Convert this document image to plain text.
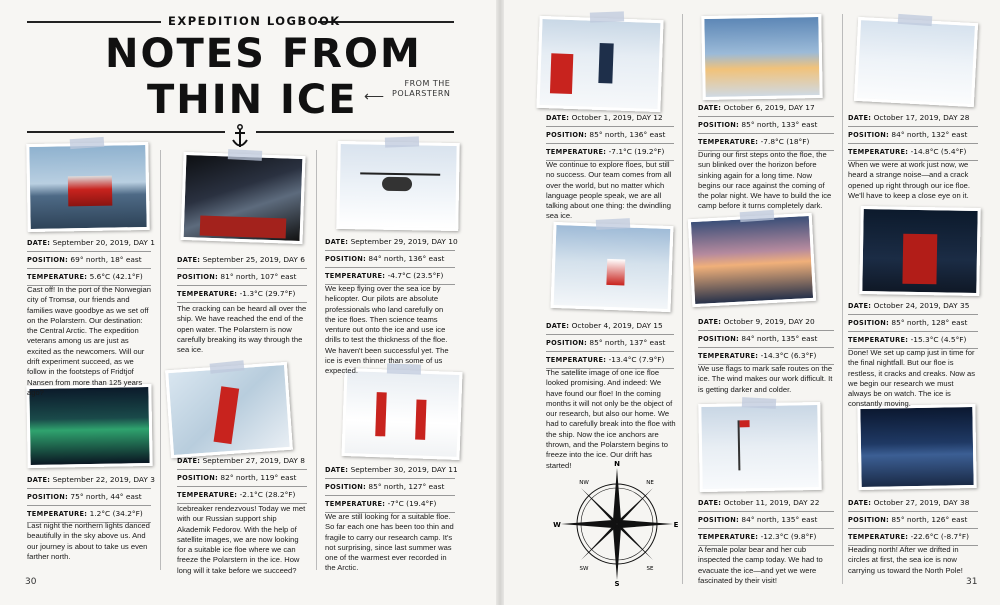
EXPEDITION LOGBOOK
NOTES FROM
THIN ICE	FROM THE
POLARSTERN
⟵
DATE: September 20, 2019, DAY 1
POSITION: 69° north, 18° east
TEMPERATURE: 5.6°C (42.1°F)
Cast off! In the port of the Norwegian city of Tromsø, our friends and families wave goodbye as we set off on the Polarstern. Our destination: the Central Arctic. The expedition veterans among us are just as excited as the newcomers. Will our drift experiment succeed, as we follow in the footsteps of Fridtjof Nansen from more than 125 years ago?
DATE: September 25, 2019, DAY 6
POSITION: 81° north, 107° east
TEMPERATURE: -1.3°C (29.7°F)
The cracking can be heard all over the ship. We have reached the end of the open water. The Polarstern is now carefully breaking its way through the sea ice.
DATE: September 29, 2019, DAY 10
POSITION: 84° north, 136° east
TEMPERATURE: -4.7°C (23.5°F)
We keep flying over the sea ice by helicopter. Our pilots are absolute professionals who land carefully on the ice floes. Then science teams venture out onto the ice and use ice drills to test the thickness of the floe. We haven't been successful yet. The ice is even thinner than some of us expected.
DATE: September 22, 2019, DAY 3
POSITION: 75° north, 44° east
TEMPERATURE: 1.2°C (34.2°F)
Last night the northern lights danced beautifully in the sky above us. And our journey is about to take us even farther north.
DATE: September 27, 2019, DAY 8
POSITION: 82° north, 119° east
TEMPERATURE: -2.1°C (28.2°F)
Icebreaker rendezvous! Today we met with our Russian support ship Akademik Fedorov. With the help of satellite images, we are now looking for a suitable ice floe where we can freeze the Polarstern in the ice. How long will it take before we succeed?
DATE: September 30, 2019, DAY 11
POSITION: 85° north, 127° east
TEMPERATURE: -7°C (19.4°F)
We are still looking for a suitable floe. So far each one has been too thin and fragile to carry our research camp. It's not surprising, since last summer was one of the warmest ever recorded in the Arctic.
DATE: October 1, 2019, DAY 12
POSITION: 85° north, 136° east
TEMPERATURE: -7.1°C (19.2°F)
We continue to explore floes, but still no success. Our team comes from all over the world, but no matter which language people speak, we are all talking about one thing: the dwindling sea ice.
DATE: October 4, 2019, DAY 15
POSITION: 85° north, 137° east
TEMPERATURE: -13.4°C (7.9°F)
The satellite image of one ice floe looked promising. And indeed: We have found our floe! In the coming months it will not only be the object of our research, but also our home. We had to carefully break into the floe with the ship. Now the ice anchors are thrown, and the Polarstern begins to freeze into the ice. Our drift has started!
DATE: October 6, 2019, DAY 17
POSITION: 85° north, 133° east
TEMPERATURE: -7.8°C (18°F)
During our first steps onto the floe, the sun blinked over the horizon before sinking again for a long time. Now begins our race against the coming of the polar night. We have to build the ice camp before it turns completely dark.
DATE: October 9, 2019, DAY 20
POSITION: 84° north, 135° east
TEMPERATURE: -14.3°C (6.3°F)
We use flags to mark safe routes on the ice. The wind makes our work difficult. It is getting darker and colder.
DATE: October 11, 2019, DAY 22
POSITION: 84° north, 135° east
TEMPERATURE: -12.3°C (9.8°F)
A female polar bear and her cub inspected the camp today. We had to evacuate the ice—and yet we were fascinated by their visit!
DATE: October 17, 2019, DAY 28
POSITION: 84° north, 132° east
TEMPERATURE: -14.8°C (5.4°F)
When we were at work just now, we heard a strange noise—and a crack opened up right through our ice floe. We'll have to keep a close eye on it.
DATE: October 24, 2019, DAY 35
POSITION: 85° north, 128° east
TEMPERATURE: -15.3°C (4.5°F)
Done! We set up camp just in time for the final nightfall. But our floe is restless, it cracks and creaks. Now as we begin our research we must always be on watch. The ice is constantly moving.
DATE: October 27, 2019, DAY 38
POSITION: 85° north, 126° east
TEMPERATURE: -22.6°C (-8.7°F)
Heading north! After we drifted in circles at first, the sea ice is now carrying us toward the North Pole!
N
S
E
W
NE
NW
SE
SW
30	31
